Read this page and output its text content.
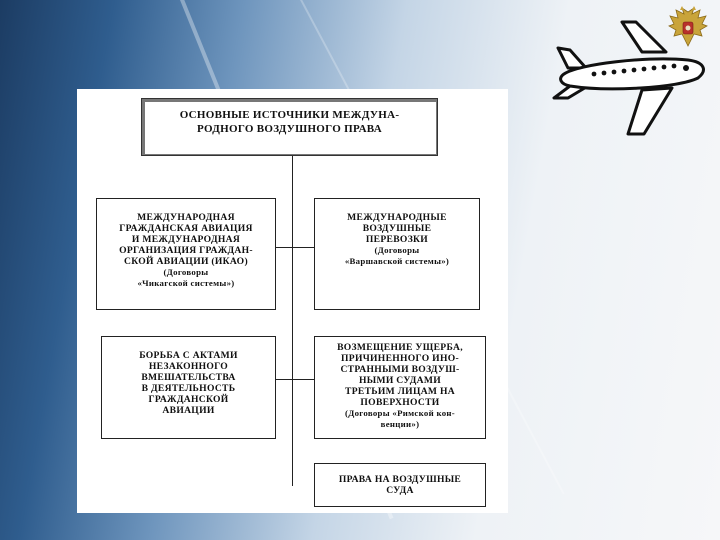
ОСНОВНЫЕ ИСТОЧНИКИ МЕЖДУНА-
РОДНОГО ВОЗДУШНОГО ПРАВА
МЕЖДУНАРОДНАЯ
ГРАЖДАНСКАЯ АВИАЦИЯ
И МЕЖДУНАРОДНАЯ
ОРГАНИЗАЦИЯ ГРАЖДАН-
СКОЙ АВИАЦИИ (ИКАО)
(Договоры
«Чикагской системы»)
МЕЖДУНАРОДНЫЕ
ВОЗДУШНЫЕ
ПЕРЕВОЗКИ
(Договоры
«Варшавской системы»)
БОРЬБА С АКТАМИ
НЕЗАКОННОГО
ВМЕШАТЕЛЬСТВА
В ДЕЯТЕЛЬНОСТЬ
ГРАЖДАНСКОЙ
АВИАЦИИ
ВОЗМЕЩЕНИЕ УЩЕРБА,
ПРИЧИНЕННОГО ИНО-
СТРАННЫМИ ВОЗДУШ-
НЫМИ СУДАМИ
ТРЕТЬИМ ЛИЦАМ НА
ПОВЕРХНОСТИ
(Договоры «Римской кон-
венции»)
ПРАВА НА ВОЗДУШНЫЕ
СУДА
